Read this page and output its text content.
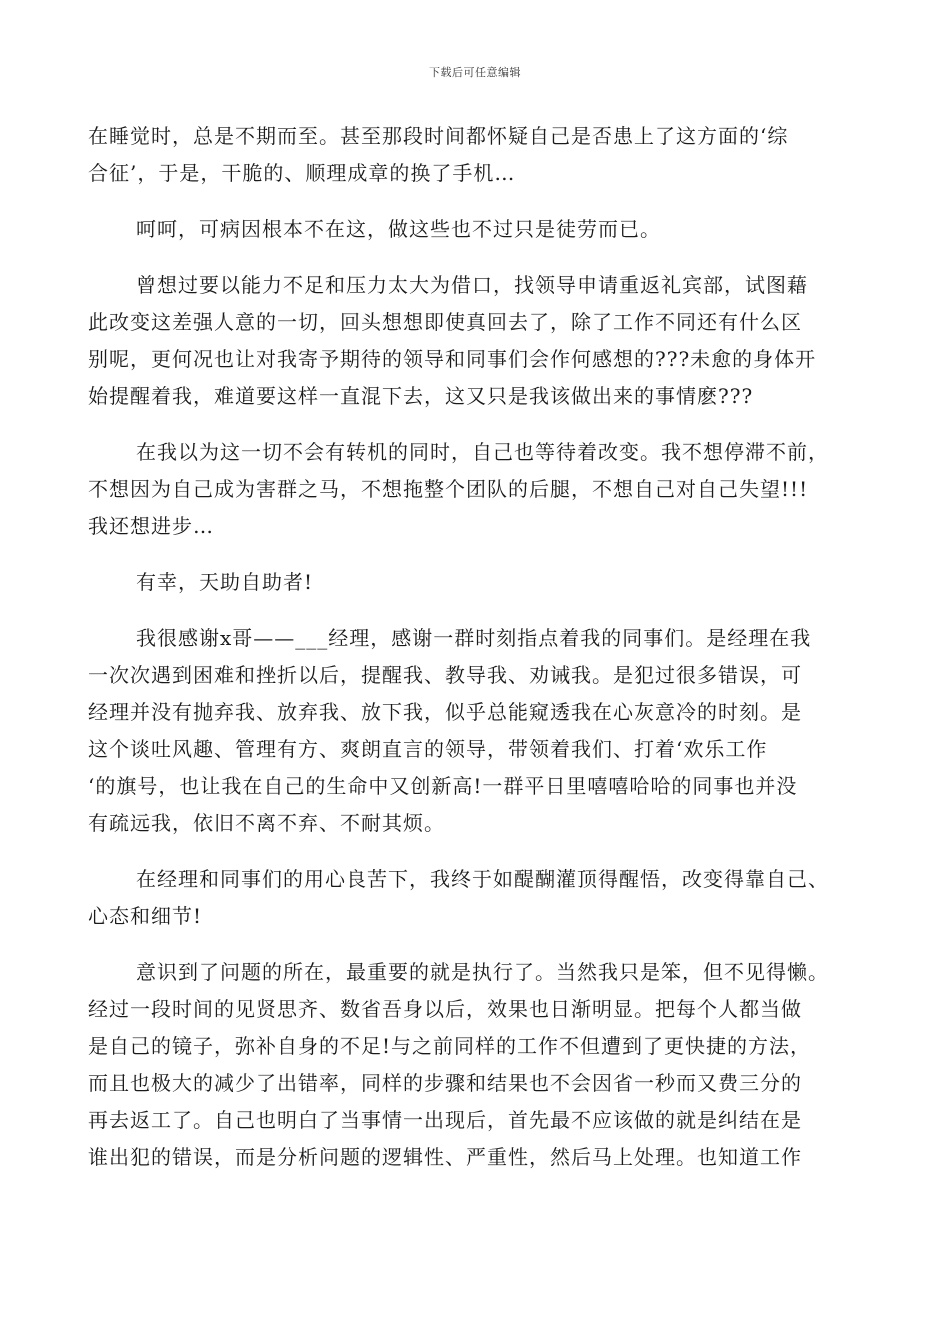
下载后可任意编辑
在睡觉时，总是不期而至。甚至那段时间都怀疑自己是否患上了这方面的‘综
合征’，于是，干脆的、顺理成章的换了手机…
呵呵，可病因根本不在这，做这些也不过只是徒劳而已。
曾想过要以能力不足和压力太大为借口，找领导申请重返礼宾部，试图藉
此改变这差强人意的一切，回头想想即使真回去了，除了工作不同还有什么区
别呢，更何况也让对我寄予期待的领导和同事们会作何感想的???未愈的身体开
始提醒着我，难道要这样一直混下去，这又只是我该做出来的事情麽???
在我以为这一切不会有转机的同时，自己也等待着改变。我不想停滞不前，
不想因为自己成为害群之马，不想拖整个团队的后腿，不想自己对自己失望!!!
我还想进步…
有幸，天助自助者!
我很感谢x哥——___经理，感谢一群时刻指点着我的同事们。是经理在我
一次次遇到困难和挫折以后，提醒我、教导我、劝诫我。是犯过很多错误，可
经理并没有抛弃我、放弃我、放下我，似乎总能窥透我在心灰意冷的时刻。是
这个谈吐风趣、管理有方、爽朗直言的领导，带领着我们、打着‘欢乐工作
‘的旗号，也让我在自己的生命中又创新高!一群平日里嘻嘻哈哈的同事也并没
有疏远我，依旧不离不弃、不耐其烦。
在经理和同事们的用心良苦下，我终于如醍醐灌顶得醒悟，改变得靠自己、
心态和细节!
意识到了问题的所在，最重要的就是执行了。当然我只是笨，但不见得懒。
经过一段时间的见贤思齐、数省吾身以后，效果也日渐明显。把每个人都当做
是自己的镜子，弥补自身的不足!与之前同样的工作不但遭到了更快捷的方法，
而且也极大的减少了出错率，同样的步骤和结果也不会因省一秒而又费三分的
再去返工了。自己也明白了当事情一出现后，首先最不应该做的就是纠结在是
谁出犯的错误，而是分析问题的逻辑性、严重性，然后马上处理。也知道工作
